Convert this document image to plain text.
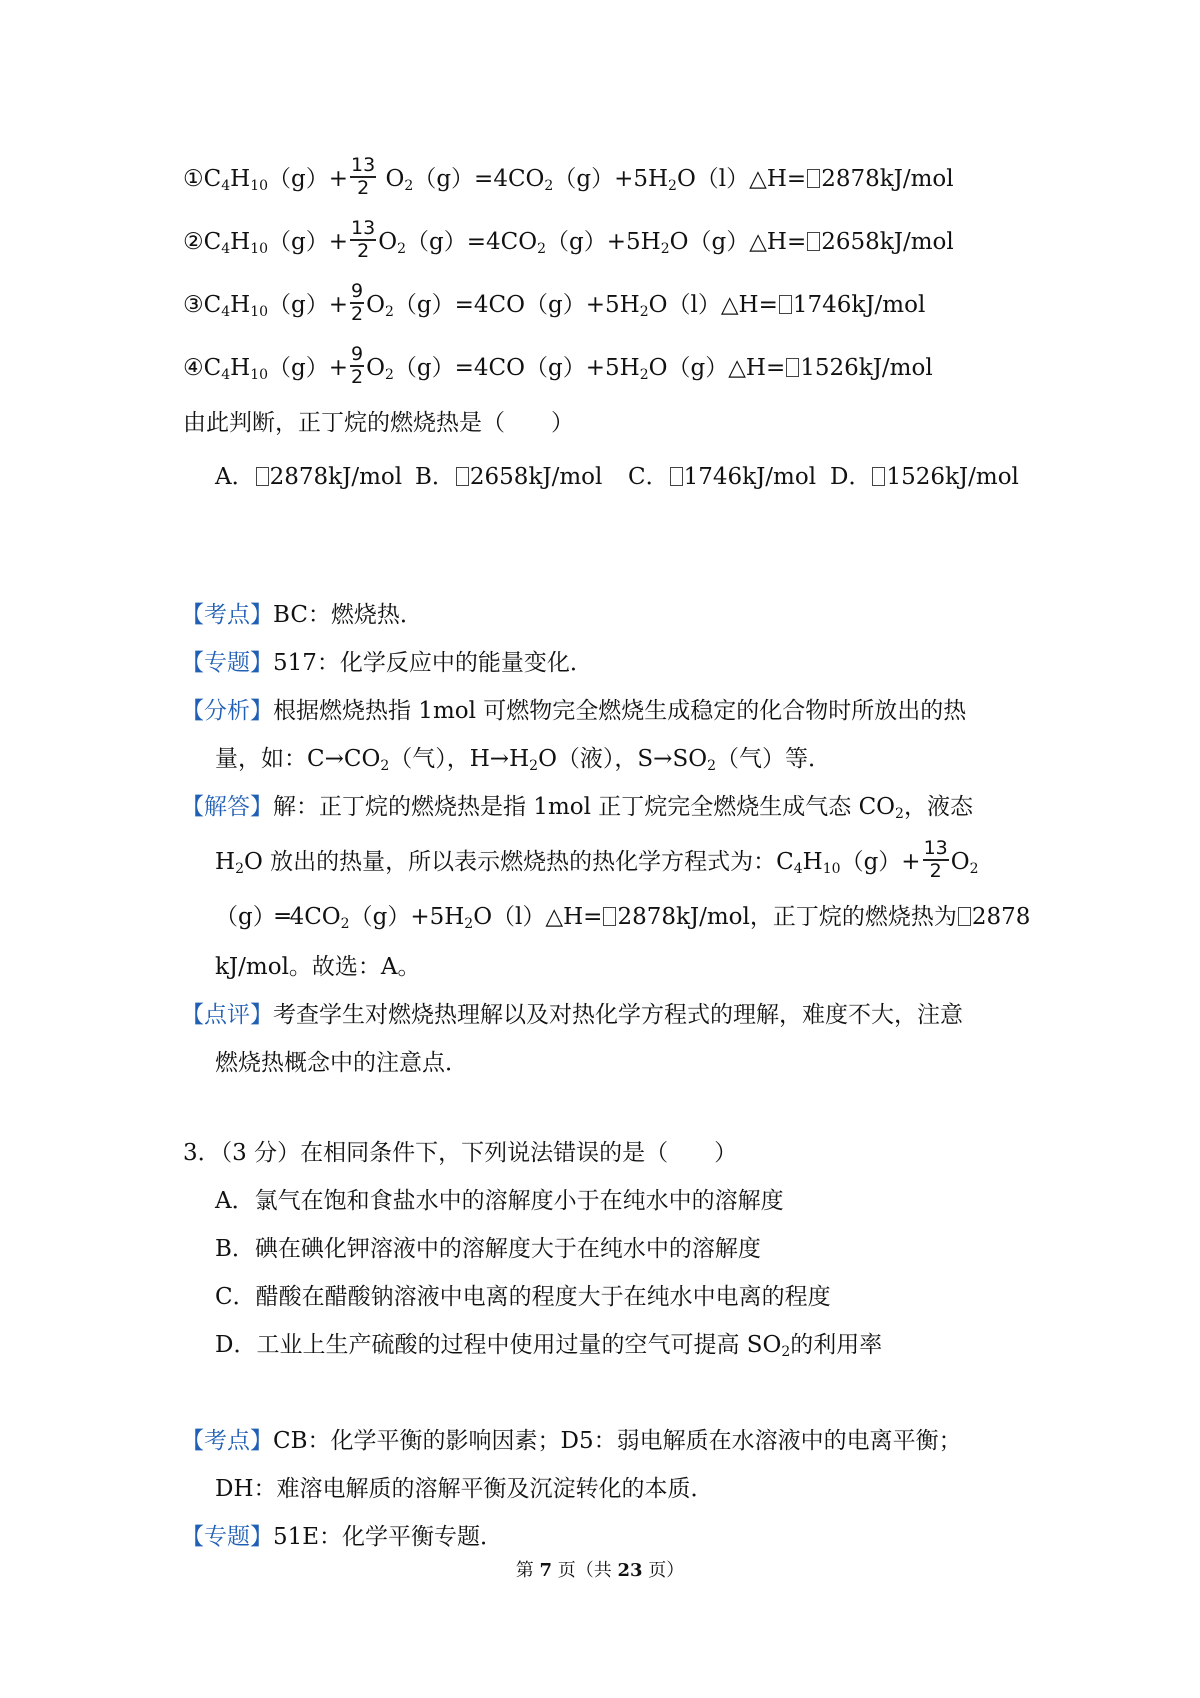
$①C_4H_{10}(g)+ \frac{13}{2}$ $O_2(g)=4CO_2(g)+5H_2O(l)\triangle H= 2878kJ/mol$
$②C_4H_{10}(g)+ \frac{13}{2}$ $O_2(g)=4CO_2(g)+5H_2O(g)\triangle H= 2658kJ/mol$
$③C_4H_{10}(g)+ \frac{9}{2}$ $O_2(g)=4CO(g)+5H_2O(l)\triangle H= 1746kJ/mol$
$④C_4H_{10}(g)+ \frac{9}{2}$ $O_2(g)=4CO(g)+5H_2O(g)\triangle H= 1526kJ/mol$
由此判断，正丁烷的燃烧热是（　　）
A． 2878kJ/mol B． 2658kJ/mol C． 1746kJ/mol D． 1526kJ/mol
【考点】BC：燃烧热．
【专题】517：化学反应中的能量变化．
【分析】根据燃烧热指 1mol 可燃物完全燃烧生成稳定的化合物时所放出的热
量，如：$C\to CO_2$（气），$H\to H_2O$（液），$S\to SO_2$（气）等．
【解答】解：正丁烷的燃烧热是指 1mol 正丁烷完全燃烧生成气态 $CO_2$，液态
$H_2O$ 放出的热量，所以表示燃烧热的热化学方程式为：$C_4H_{10}(g)+ \frac{13}{2} O_2$
$(g)═4CO_2(g)+5H_2O(l)\triangle H= 2878kJ/mol$，正丁烷的燃烧热为 2878
kJ/mol。故选：A。
【点评】考查学生对燃烧热理解以及对热化学方程式的理解，难度不大，注意
燃烧热概念中的注意点．
3．（3 分）在相同条件下，下列说法错误的是（　　）
A．氯气在饱和食盐水中的溶解度小于在纯水中的溶解度
B．碘在碘化钾溶液中的溶解度大于在纯水中的溶解度
C．醋酸在醋酸钠溶液中电离的程度大于在纯水中电离的程度
D．工业上生产硫酸的过程中使用过量的空气可提高 $SO_2$的利用率
【考点】CB：化学平衡的影响因素；D5：弱电解质在水溶液中的电离平衡；
DH：难溶电解质的溶解平衡及沉淀转化的本质．
【专题】51E：化学平衡专题．
第 7 页（共 23 页）
